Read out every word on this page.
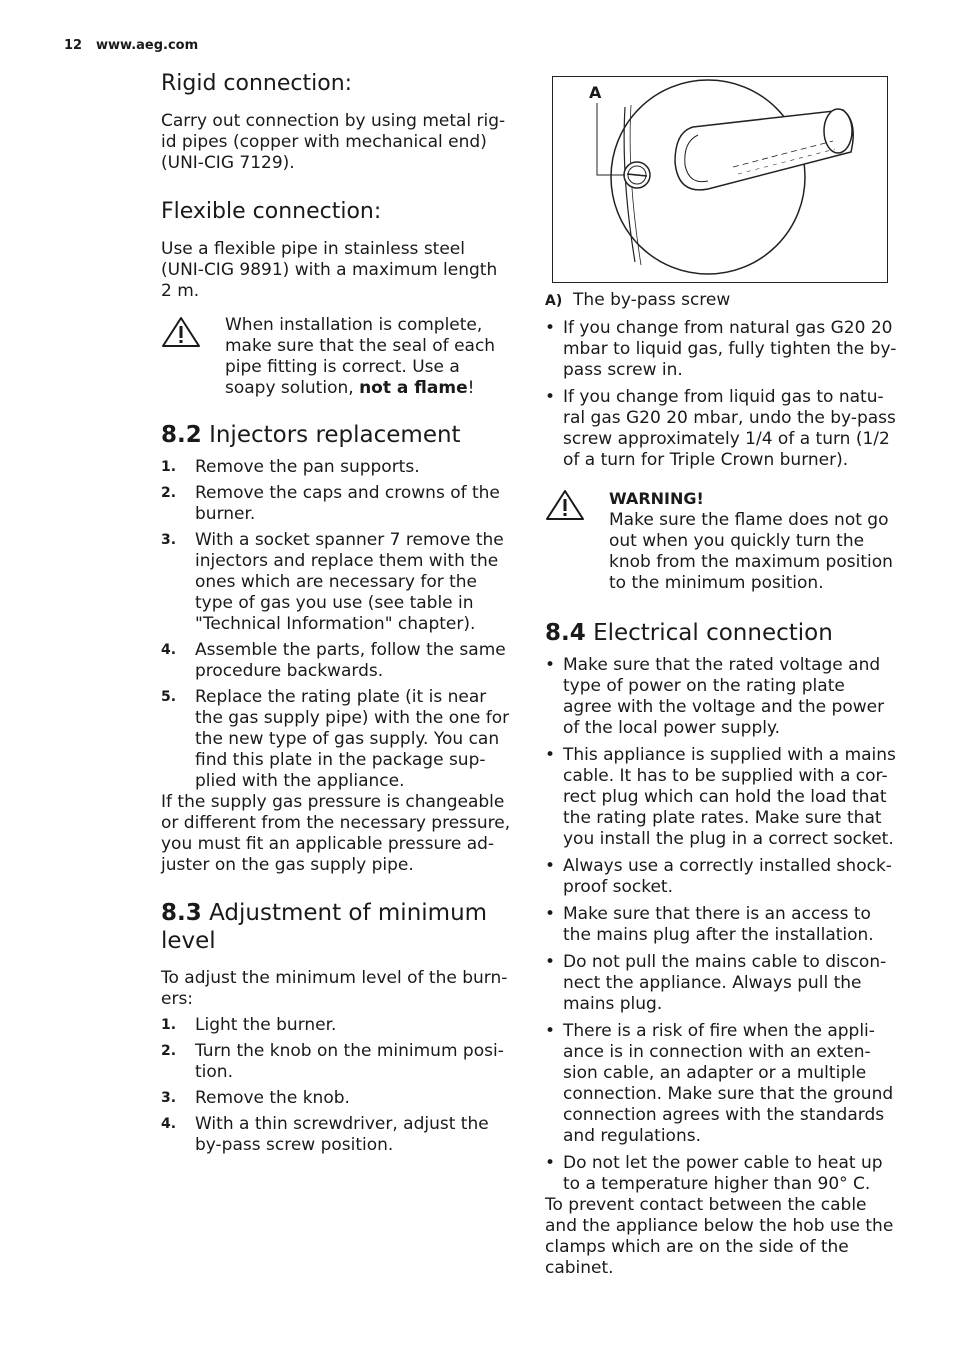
12 www.aeg.com
Rigid connection:

Carry out connection by using metal rig-id pipes (copper with mechanical end) (UNI-CIG 7129).

Flexible connection:

Use a flexible pipe in stainless steel (UNI-CIG 9891) with a maximum length 2 m.

When installation is complete, make sure that the seal of each pipe fitting is correct. Use a soapy solution, not a flame!

8.2 Injectors replacement
1. Remove the pan supports.
2. Remove the caps and crowns of the burner.
3. With a socket spanner 7 remove the injectors and replace them with the ones which are necessary for the type of gas you use (see table in "Technical Information" chapter).
4. Assemble the parts, follow the same procedure backwards.
5. Replace the rating plate (it is near the gas supply pipe) with the one for the new type of gas supply. You can find this plate in the package sup-plied with the appliance.

If the supply gas pressure is changeable or different from the necessary pressure, you must fit an applicable pressure ad-juster on the gas supply pipe.

8.3 Adjustment of minimum level

To adjust the minimum level of the burn-ers:

1. Light the burner.
2. Turn the knob on the minimum posi-tion.
3. Remove the knob.
4. With a thin screwdriver, adjust the by-pass screw position.
A

A) The by-pass screw

• If you change from natural gas G20 20 mbar to liquid gas, fully tighten the by-pass screw in.
• If you change from liquid gas to natu-ral gas G20 20 mbar, undo the by-pass screw approximately 1/4 of a turn (1/2 of a turn for Triple Crown burner).
WARNING!

Make sure the flame does not go out when you quickly turn the knob from the maximum position to the minimum position.

8.4 Electrical connection
• Make sure that the rated voltage and type of power on the rating plate agree with the voltage and the power of the local power supply.
• This appliance is supplied with a mains cable. It has to be supplied with a cor-rect plug which can hold the load that the rating plate rates. Make sure that you install the plug in a correct socket.
• Always use a correctly installed shock-proof socket.
• Make sure that there is an access to the mains plug after the installation.
• Do not pull the mains cable to discon-nect the appliance. Always pull the mains plug.
• There is a risk of fire when the appli-ance is in connection with an exten-sion cable, an adapter or a multiple connection. Make sure that the ground connection agrees with the standards and regulations.
• Do not let the power cable to heat up to a temperature higher than 90° C.

To prevent contact between the cable and the appliance below the hob use the clamps which are on the side of the cabinet.
